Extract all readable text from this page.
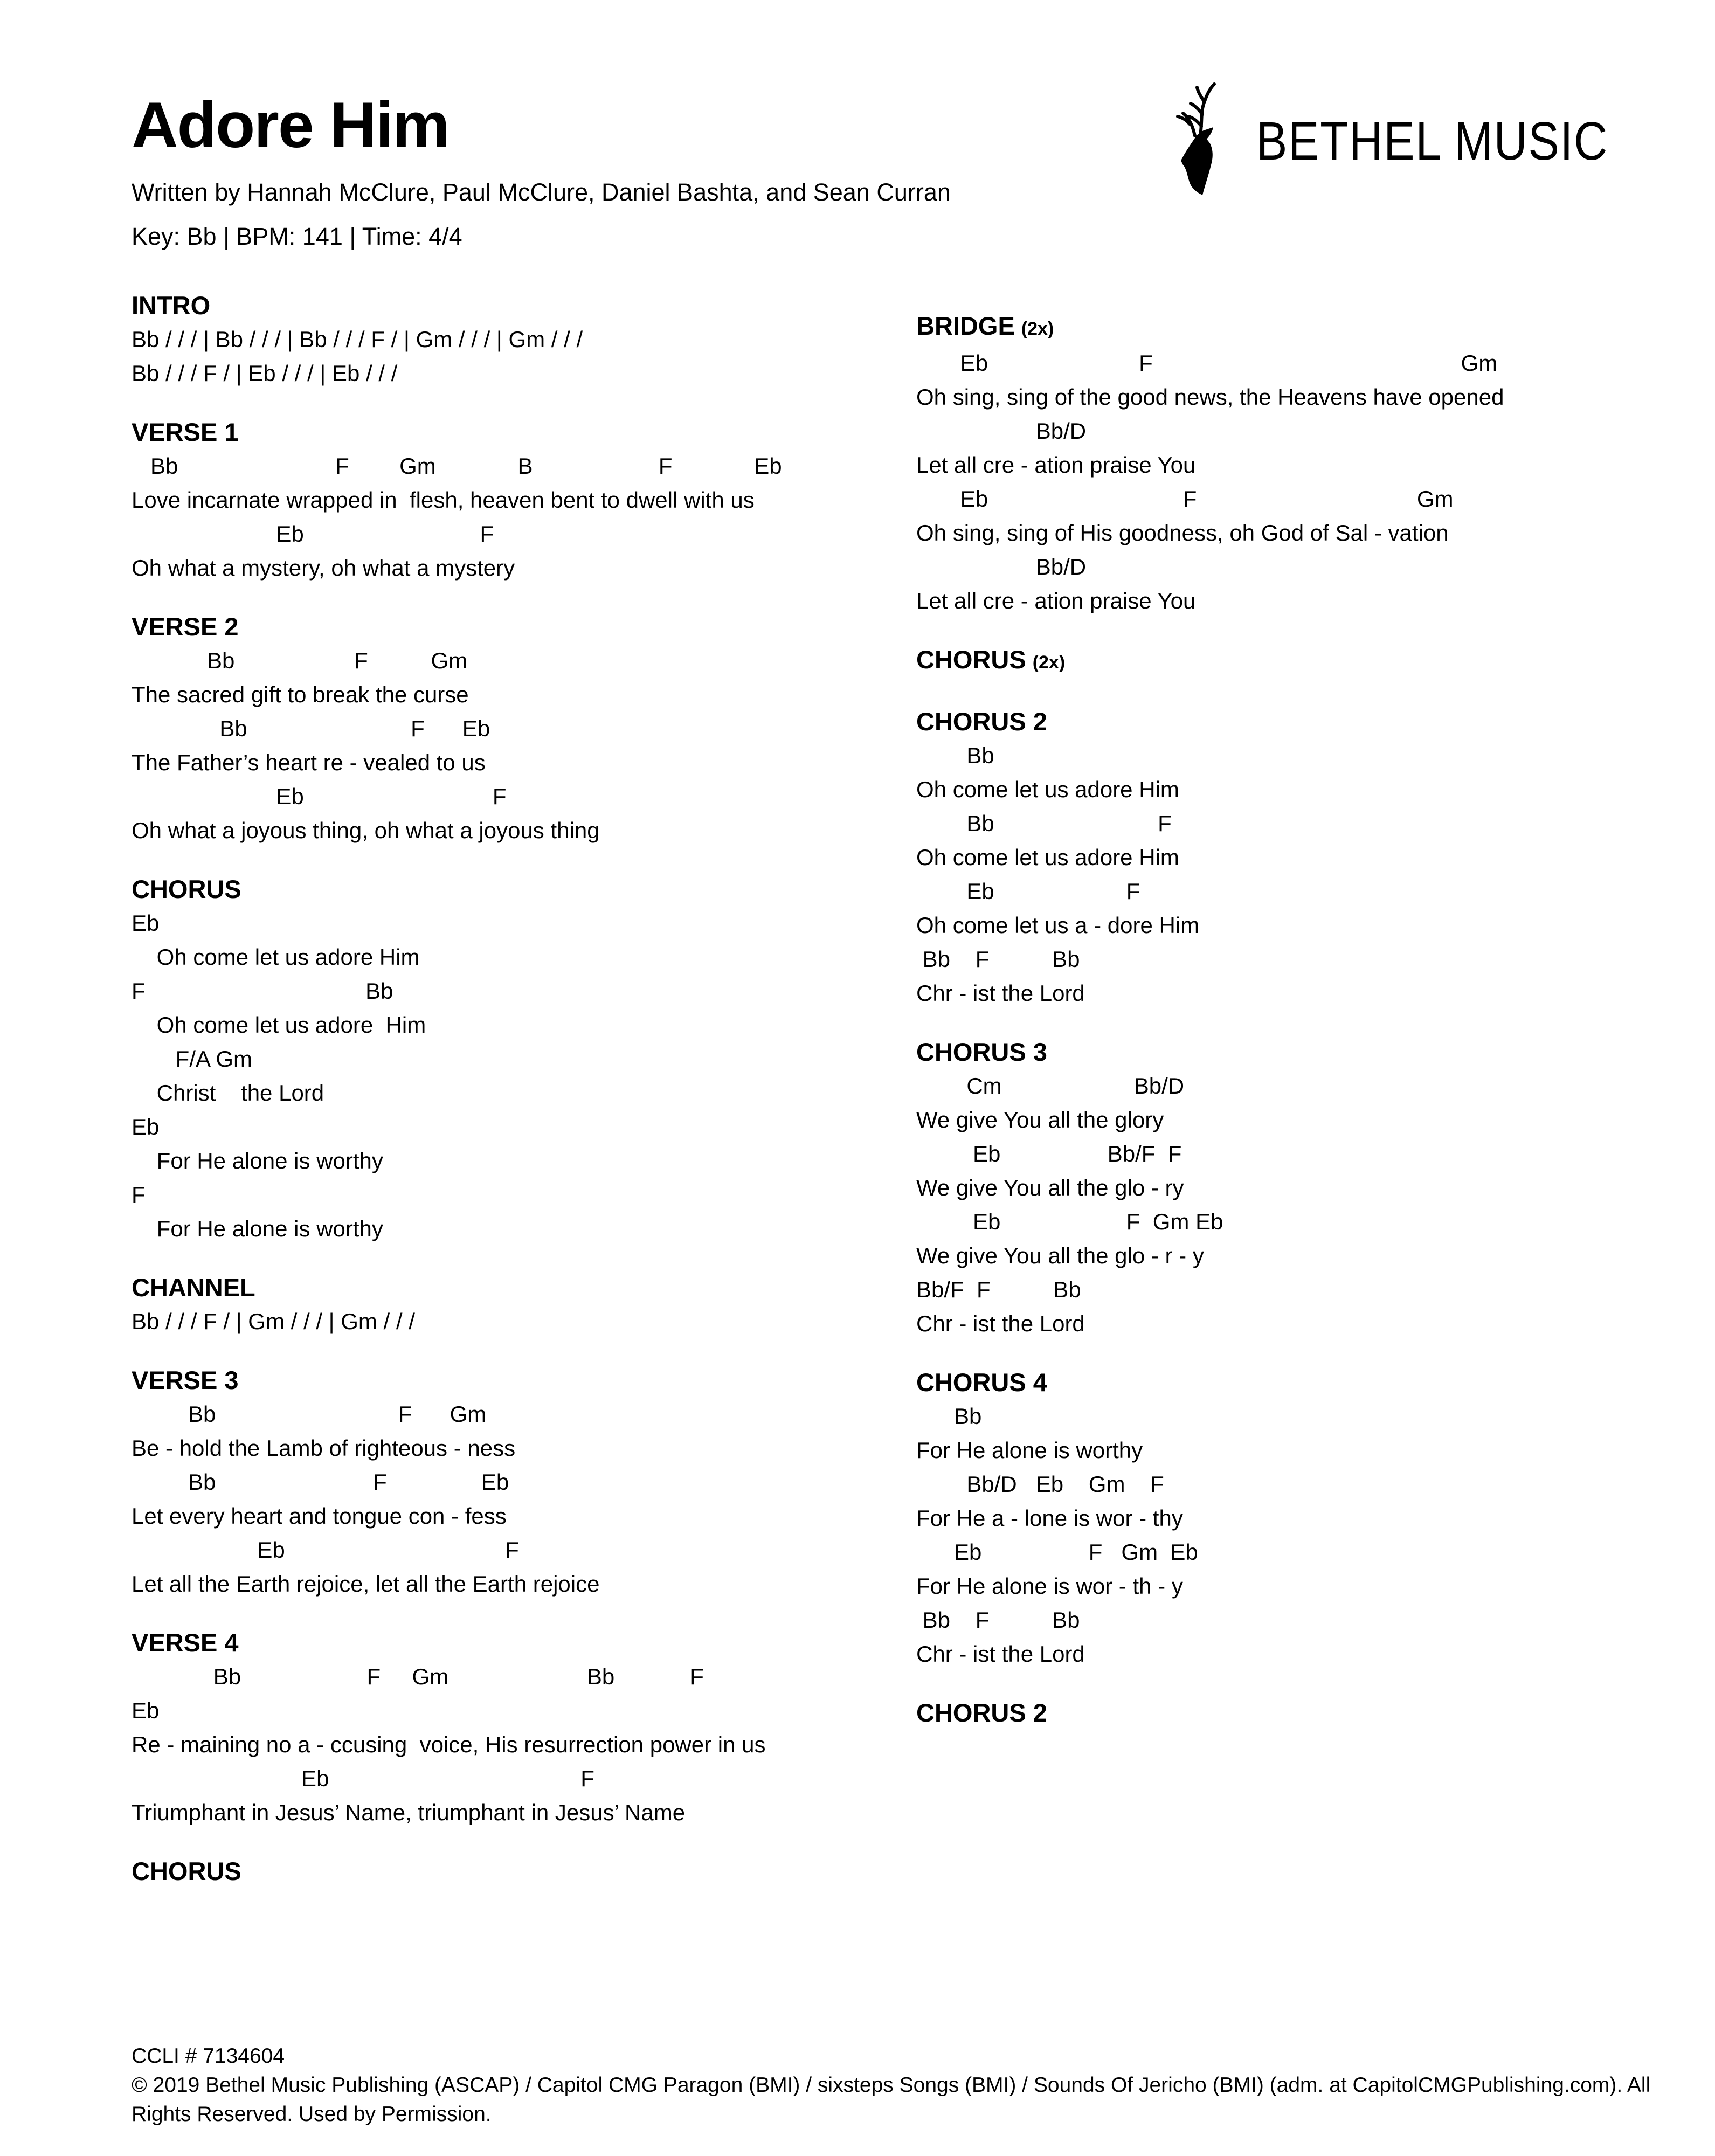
Adore Him
Written by Hannah McClure, Paul McClure, Daniel Bashta, and Sean Curran
Key: Bb | BPM: 141 | Time: 4/4
BETHEL MUSIC
INTRO
Bb / / / | Bb / / / | Bb / / / F / | Gm / / / | Gm / / /
Bb / / / F / | Eb / / / | Eb / / /
VERSE 1
Bb                         F        Gm             B                    F             Eb
Love incarnate wrapped in  flesh, heaven bent to dwell with us
Eb                            F
Oh what a mystery, oh what a mystery
VERSE 2
Bb                   F          Gm
The sacred gift to break the curse
Bb                          F      Eb
The Father’s heart re - vealed to us
Eb                              F
Oh what a joyous thing, oh what a joyous thing
CHORUS
Eb
Oh come let us adore Him
F                                   Bb
Oh come let us adore  Him
F/A Gm
Christ    the Lord
Eb
For He alone is worthy
F
For He alone is worthy
CHANNEL
Bb / / / F / | Gm / / / | Gm / / /
VERSE 3
Bb                             F      Gm
Be - hold the Lamb of righteous - ness
Bb                         F               Eb
Let every heart and tongue con - fess
Eb                                   F
Let all the Earth rejoice, let all the Earth rejoice
VERSE 4
Bb                    F     Gm                      Bb            F
Eb
Re - maining no a - ccusing  voice, His resurrection power in us
Eb                                        F
Triumphant in Jesus’ Name, triumphant in Jesus’ Name
CHORUS
BRIDGE (2x)
Eb                        F                                                 Gm
Oh sing, sing of the good news, the Heavens have opened
Bb/D
Let all cre - ation praise You
Eb                               F                                   Gm
Oh sing, sing of His goodness, oh God of Sal - vation
Bb/D
Let all cre - ation praise You
CHORUS (2x)
CHORUS 2
Bb
Oh come let us adore Him
Bb                          F
Oh come let us adore Him
Eb                     F
Oh come let us a - dore Him
Bb    F          Bb
Chr - ist the Lord
CHORUS 3
Cm                     Bb/D
We give You all the glory
Eb                 Bb/F  F
We give You all the glo - ry
Eb                    F  Gm Eb
We give You all the glo - r - y
Bb/F  F          Bb
Chr - ist the Lord
CHORUS 4
Bb
For He alone is worthy
Bb/D   Eb    Gm    F
For He a - lone is wor - thy
Eb                 F   Gm  Eb
For He alone is wor - th - y
Bb    F          Bb
Chr - ist the Lord
CHORUS 2
CCLI # 7134604
© 2019 Bethel Music Publishing (ASCAP) / Capitol CMG Paragon (BMI) / sixsteps Songs (BMI) / Sounds Of Jericho (BMI) (adm. at CapitolCMGPublishing.com). All Rights Reserved. Used by Permission.
